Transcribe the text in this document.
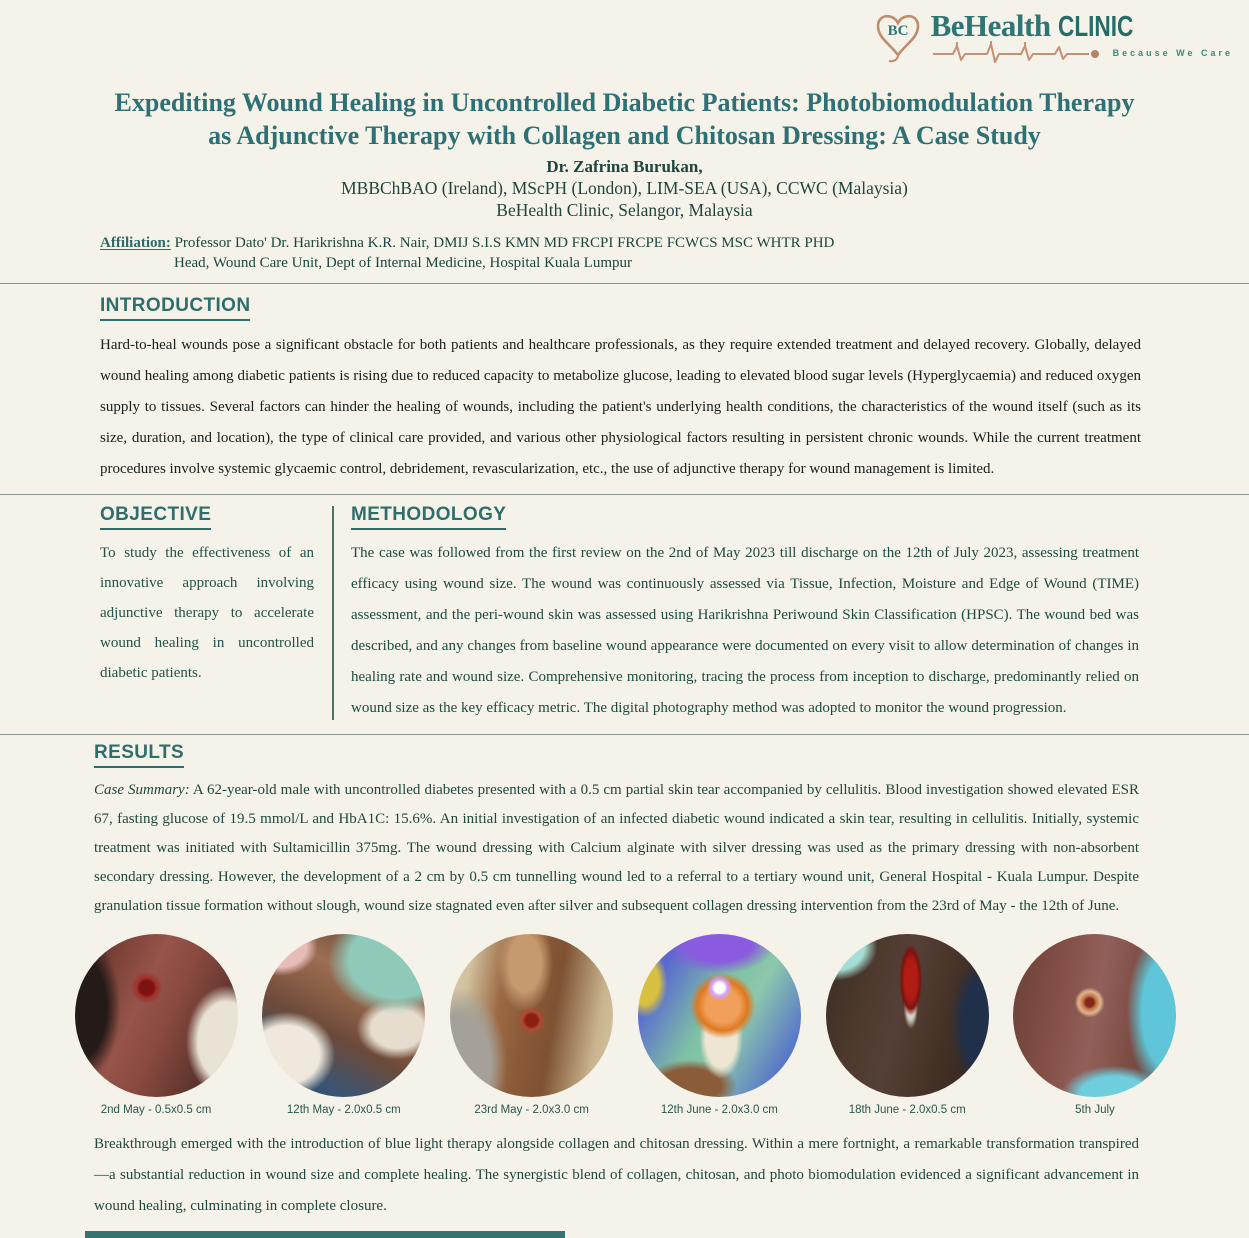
BC BeHealth CLINIC
Because We Care
Expediting Wound Healing in Uncontrolled Diabetic Patients: Photobiomodulation Therapy
as Adjunctive Therapy with Collagen and Chitosan Dressing: A Case Study
Dr. Zafrina Burukan,
MBBChBAO (Ireland), MScPH (London), LIM-SEA (USA), CCWC (Malaysia)
BeHealth Clinic, Selangor, Malaysia
Affiliation: Professor Dato' Dr. Harikrishna K.R. Nair, DMIJ S.I.S KMN MD FRCPI FRCPE FCWCS MSC WHTR PHD
Head, Wound Care Unit, Dept of Internal Medicine, Hospital Kuala Lumpur
INTRODUCTION
Hard-to-heal wounds pose a significant obstacle for both patients and healthcare professionals, as they require extended treatment and delayed recovery. Globally, delayed wound healing among diabetic patients is rising due to reduced capacity to metabolize glucose, leading to elevated blood sugar levels (Hyperglycaemia) and reduced oxygen supply to tissues. Several factors can hinder the healing of wounds, including the patient's underlying health conditions, the characteristics of the wound itself (such as its size, duration, and location), the type of clinical care provided, and various other physiological factors resulting in persistent chronic wounds. While the current treatment procedures involve systemic glycaemic control, debridement, revascularization, etc., the use of adjunctive therapy for wound management is limited.
OBJECTIVE
To study the effectiveness of an innovative approach involving adjunctive therapy to accelerate wound healing in uncontrolled diabetic patients.
METHODOLOGY
The case was followed from the first review on the 2nd of May 2023 till discharge on the 12th of July 2023, assessing treatment efficacy using wound size. The wound was continuously assessed via Tissue, Infection, Moisture and Edge of Wound (TIME) assessment, and the peri-wound skin was assessed using Harikrishna Periwound Skin Classification (HPSC). The wound bed was described, and any changes from baseline wound appearance were documented on every visit to allow determination of changes in healing rate and wound size. Comprehensive monitoring, tracing the process from inception to discharge, predominantly relied on wound size as the key efficacy metric. The digital photography method was adopted to monitor the wound progression.
RESULTS
Case Summary: A 62-year-old male with uncontrolled diabetes presented with a 0.5 cm partial skin tear accompanied by cellulitis. Blood investigation showed elevated ESR 67, fasting glucose of 19.5 mmol/L and HbA1C: 15.6%. An initial investigation of an infected diabetic wound indicated a skin tear, resulting in cellulitis. Initially, systemic treatment was initiated with Sultamicillin 375mg. The wound dressing with Calcium alginate with silver dressing was used as the primary dressing with non-absorbent secondary dressing. However, the development of a 2 cm by 0.5 cm tunnelling wound led to a referral to a tertiary wound unit, General Hospital - Kuala Lumpur. Despite granulation tissue formation without slough, wound size stagnated even after silver and subsequent collagen dressing intervention from the 23rd of May - the 12th of June.
2nd May - 0.5x0.5 cm	12th May - 2.0x0.5 cm	23rd May - 2.0x3.0 cm	12th June - 2.0x3.0 cm	18th June - 2.0x0.5 cm	5th July
Breakthrough emerged with the introduction of blue light therapy alongside collagen and chitosan dressing. Within a mere fortnight, a remarkable transformation transpired—a substantial reduction in wound size and complete healing. The synergistic blend of collagen, chitosan, and photo biomodulation evidenced a significant advancement in wound healing, culminating in complete closure.
